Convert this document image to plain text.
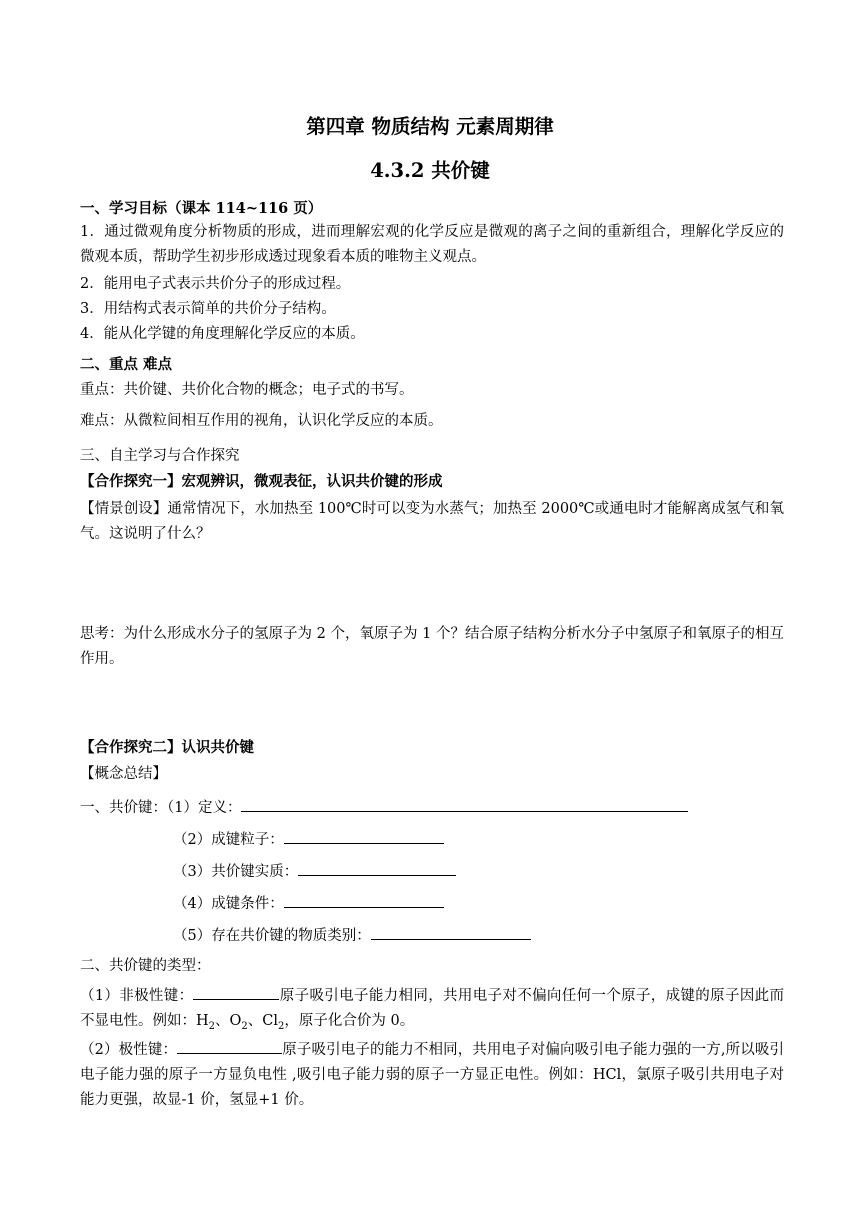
第四章 物质结构 元素周期律
4.3.2 共价键
一、学习目标（课本 114~116 页）
1．通过微观角度分析物质的形成，进而理解宏观的化学反应是微观的离子之间的重新组合，理解化学反应的微观本质，帮助学生初步形成透过现象看本质的唯物主义观点。
2．能用电子式表示共价分子的形成过程。
3．用结构式表示简单的共价分子结构。
4．能从化学键的角度理解化学反应的本质。
二、重点 难点
重点：共价键、共价化合物的概念；电子式的书写。
难点：从微粒间相互作用的视角，认识化学反应的本质。
三、自主学习与合作探究
【合作探究一】宏观辨识，微观表征，认识共价键的形成
【情景创设】通常情况下，水加热至 100℃时可以变为水蒸气；加热至 2000℃或通电时才能解离成氢气和氧气。这说明了什么？
思考：为什么形成水分子的氢原子为 2 个，氧原子为 1 个？结合原子结构分析水分子中氢原子和氧原子的相互作用。
【合作探究二】认识共价键
【概念总结】
一、共价键：（1）定义：
（2）成键粒子：
（3）共价键实质：
（4）成键条件：
（5）存在共价键的物质类别：
二、共价键的类型：
（1）非极性键：	原子吸引电子能力相同，共用电子对不偏向任何一个原子，成键的原子因此而不显电性。例如：$H_2$、$O_2$、$Cl_2$，原子化合价为 0。
（2）极性键：	原子吸引电子的能力不相同，共用电子对偏向吸引电子能力强的一方,所以吸引电子能力强的原子一方显负电性 ,吸引电子能力弱的原子一方显正电性。例如：HCl，氯原子吸引共用电子对能力更强，故显-1 价，氢显+1 价。
